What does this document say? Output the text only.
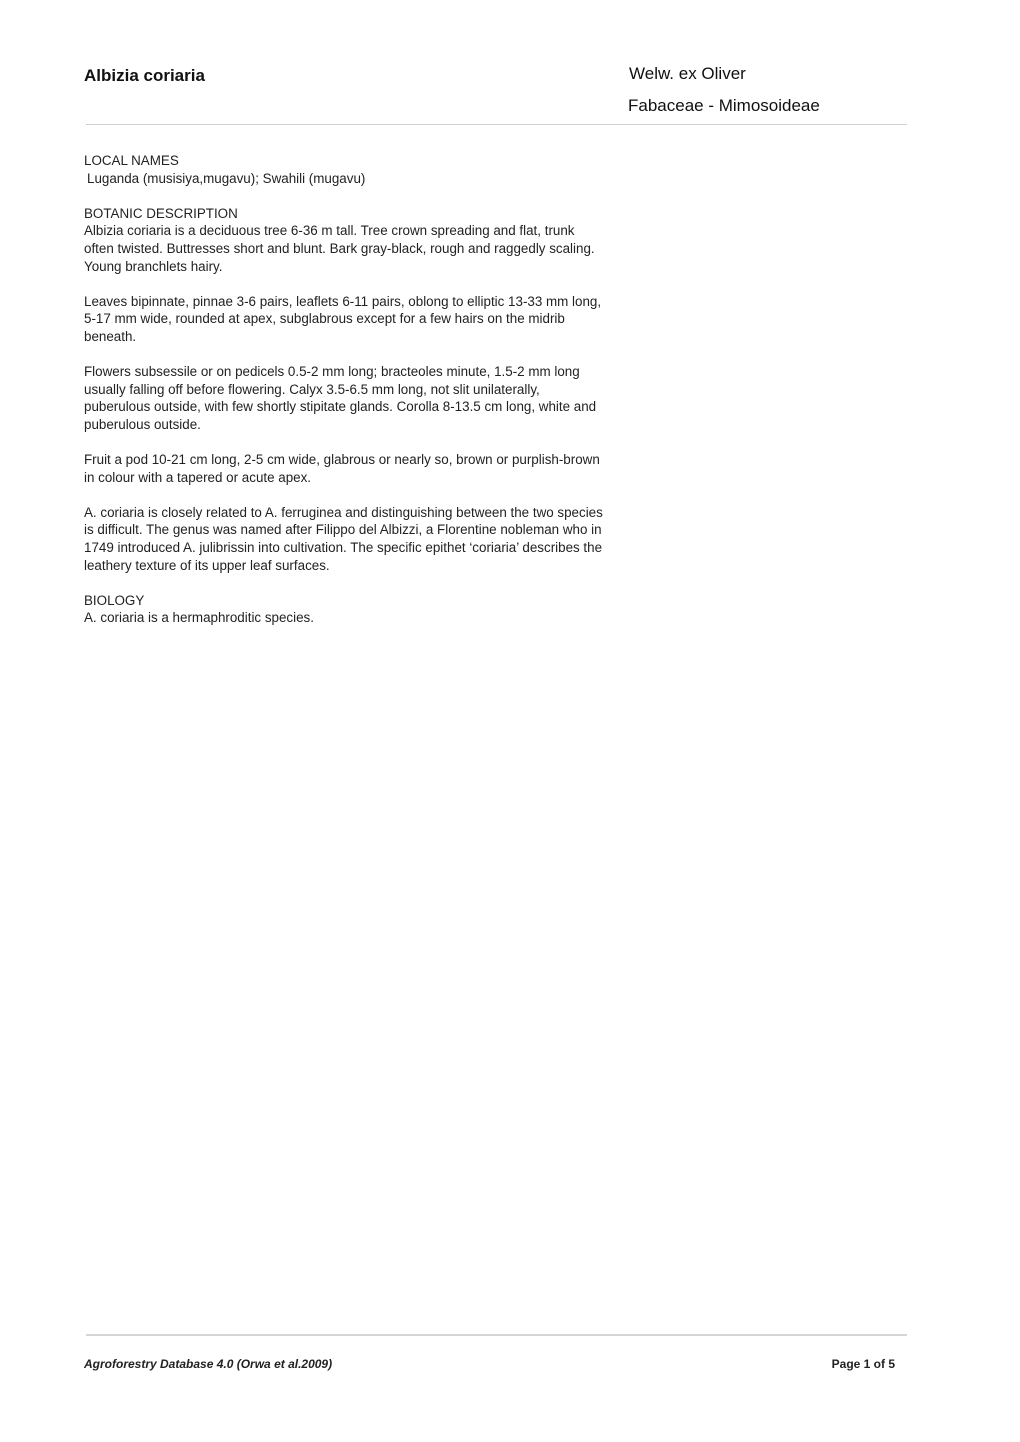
Albizia coriaria	Welw. ex Oliver
Fabaceae - Mimosoideae
LOCAL NAMES
Luganda (musisiya,mugavu); Swahili (mugavu)
BOTANIC DESCRIPTION

Albizia coriaria is a deciduous tree 6-36 m tall. Tree crown spreading and flat, trunk often twisted. Buttresses short and blunt. Bark gray-black, rough and raggedly scaling. Young branchlets hairy.

Leaves bipinnate, pinnae 3-6 pairs, leaflets 6-11 pairs, oblong to elliptic 13-33 mm long, 5-17 mm wide, rounded at apex, subglabrous except for a few hairs on the midrib beneath.

Flowers subsessile or on pedicels 0.5-2 mm long; bracteoles minute, 1.5-2 mm long usually falling off before flowering. Calyx 3.5-6.5 mm long, not slit unilaterally, puberulous outside, with few shortly stipitate glands. Corolla 8-13.5 cm long, white and puberulous outside.

Fruit a pod 10-21 cm long, 2-5 cm wide, glabrous or nearly so, brown or purplish-brown in colour with a tapered or acute apex.

A. coriaria is closely related to A. ferruginea and distinguishing between the two species is difficult. The genus was named after Filippo del Albizzi, a Florentine nobleman who in 1749 introduced A. julibrissin into cultivation. The specific epithet ‘coriaria’ describes the leathery texture of its upper leaf surfaces.

BIOLOGY
A. coriaria is a hermaphroditic species.
Agroforestry Database 4.0 (Orwa et al.2009)	Page 1 of 5
